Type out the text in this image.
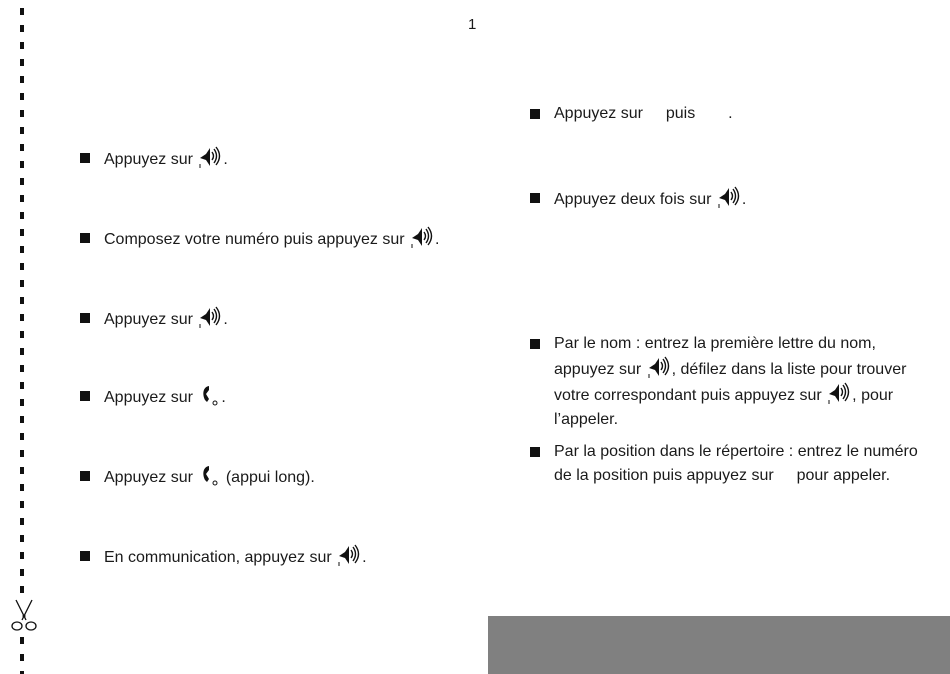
1
Appuyez sur .
Composez votre numéro puis appuyez sur .
Appuyez sur .
Appuyez sur .
Appuyez sur (appui long).
En communication, appuyez sur .
Appuyez sur puis .
Appuyez deux fois sur .
Par le nom : entrez la première lettre du nom, appuyez sur , défilez dans la liste pour trouver votre correspondant puis appuyez sur , pour l’appeler.
Par la position dans le répertoire : entrez le numéro de la position puis appuyez sur pour appeler.
